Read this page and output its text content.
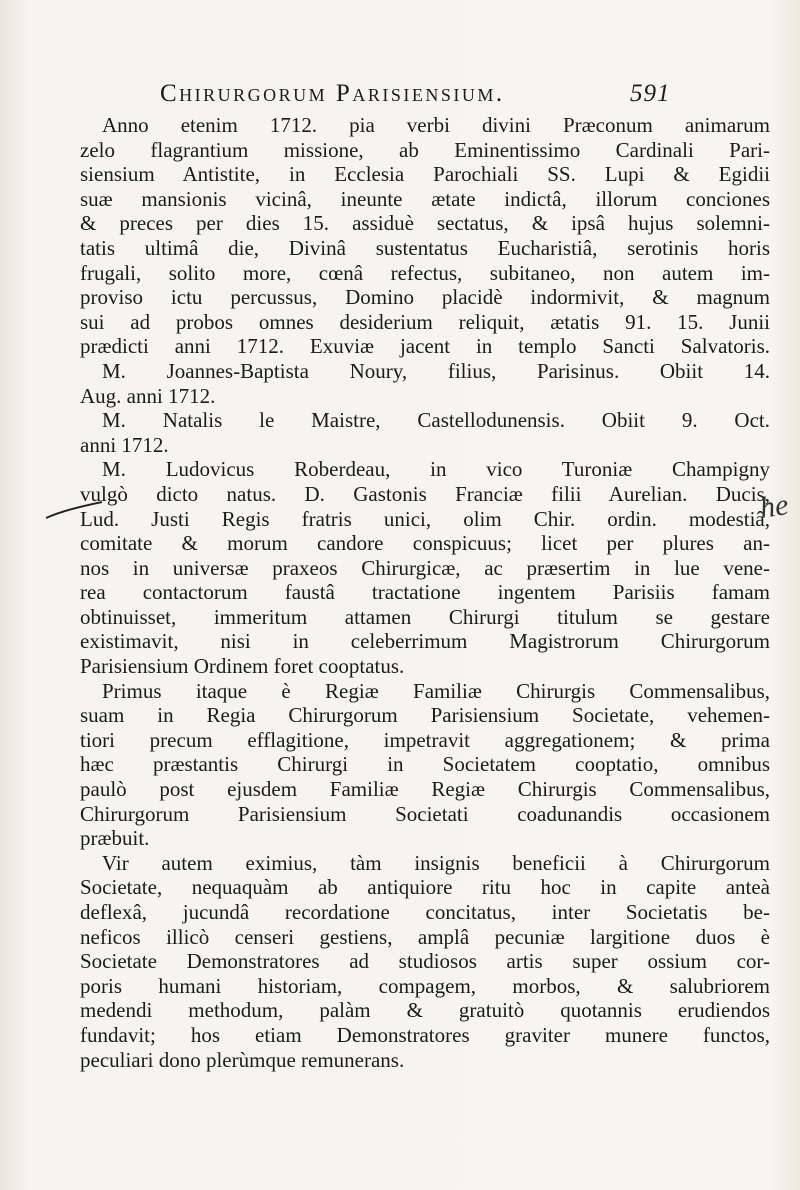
Chirurgorum Parisiensium.	591
Anno etenim 1712. pia verbi divini Præconum animarum
zelo flagrantium missione, ab Eminentissimo Cardinali Pari-
siensium Antistite, in Ecclesia Parochiali SS. Lupi & Egidii
suæ mansionis vicinâ, ineunte ætate indictâ, illorum conciones
& preces per dies 15. assiduè sectatus, & ipsâ hujus solemni-
tatis ultimâ die, Divinâ sustentatus Eucharistiâ, serotinis horis
frugali, solito more, cœnâ refectus, subitaneo, non autem im-
proviso ictu percussus, Domino placidè indormivit, & magnum
sui ad probos omnes desiderium reliquit, ætatis 91. 15. Junii
prædicti anni 1712. Exuviæ jacent in templo Sancti Salvatoris.
M. Joannes-Baptista Noury, filius, Parisinus. Obiit 14.
Aug. anni 1712.
M. Natalis le Maistre, Castellodunensis. Obiit 9. Oct.
anni 1712.
M. Ludovicus Roberdeau, in vico Turoniæ Champigny
vulgò dicto natus. D. Gastonis Franciæ filii Aurelian. Ducis,
Lud. Justi Regis fratris unici, olim Chir. ordin. modestiâ,
comitate & morum candore conspicuus; licet per plures an-
nos in universæ praxeos Chirurgicæ, ac præsertim in lue vene-
rea contactorum faustâ tractatione ingentem Parisiis famam
obtinuisset, immeritum attamen Chirurgi titulum se gestare
existimavit, nisi in celeberrimum Magistrorum Chirurgorum
Parisiensium Ordinem foret cooptatus.
Primus itaque è Regiæ Familiæ Chirurgis Commensalibus,
suam in Regia Chirurgorum Parisiensium Societate, vehemen-
tiori precum efflagitione, impetravit aggregationem; & prima
hæc præstantis Chirurgi in Societatem cooptatio, omnibus
paulò post ejusdem Familiæ Regiæ Chirurgis Commensalibus,
Chirurgorum Parisiensium Societati coadunandis occasionem
præbuit.
Vir autem eximius, tàm insignis beneficii à Chirurgorum
Societate, nequaquàm ab antiquiore ritu hoc in capite anteà
deflexâ, jucundâ recordatione concitatus, inter Societatis be-
neficos illicò censeri gestiens, amplâ pecuniæ largitione duos è
Societate Demonstratores ad studiosos artis super ossium cor-
poris humani historiam, compagem, morbos, & salubriorem
medendi methodum, palàm & gratuitò quotannis erudiendos
fundavit; hos etiam Demonstratores graviter munere functos,
peculiari dono plerùmque remunerans.
he
